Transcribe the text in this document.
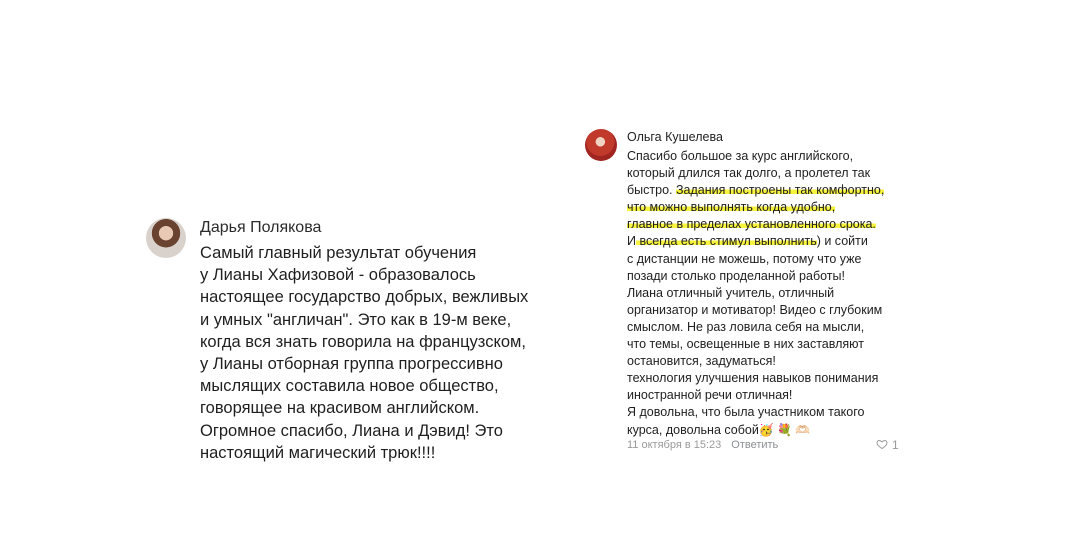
Дарья Полякова
Самый главный результат обучения
у Лианы Хафизовой - образовалось
настоящее государство добрых, вежливых
и умных "англичан". Это как в 19-м веке,
когда вся знать говорила на французском,
у Лианы отборная группа прогрессивно
мыслящих составила новое общество,
говорящее на красивом английском.
Огромное спасибо, Лиана и Дэвид! Это
настоящий магический трюк!!!!
Ольга Кушелева
Спасибо большое за курс английского,
который длился так долго, а пролетел так
быстро. Задания построены так комфортно,
что можно выполнять когда удобно,
главное в пределах установленного срока.
И всегда есть стимул выполнить) и сойти
с дистанции не можешь, потому что уже
позади столько проделанной работы!
Лиана отличный учитель, отличный
организатор и мотиватор! Видео с глубоким
смыслом. Не раз ловила себя на мысли,
что темы, освещенные в них заставляют
остановится, задуматься!
технология улучшения навыков понимания
иностранной речи отличная!
Я довольна, что была участником такого
курса, довольна собой🥳 💐 🫶🏻
11 октября в 15:23 Ответить	1
